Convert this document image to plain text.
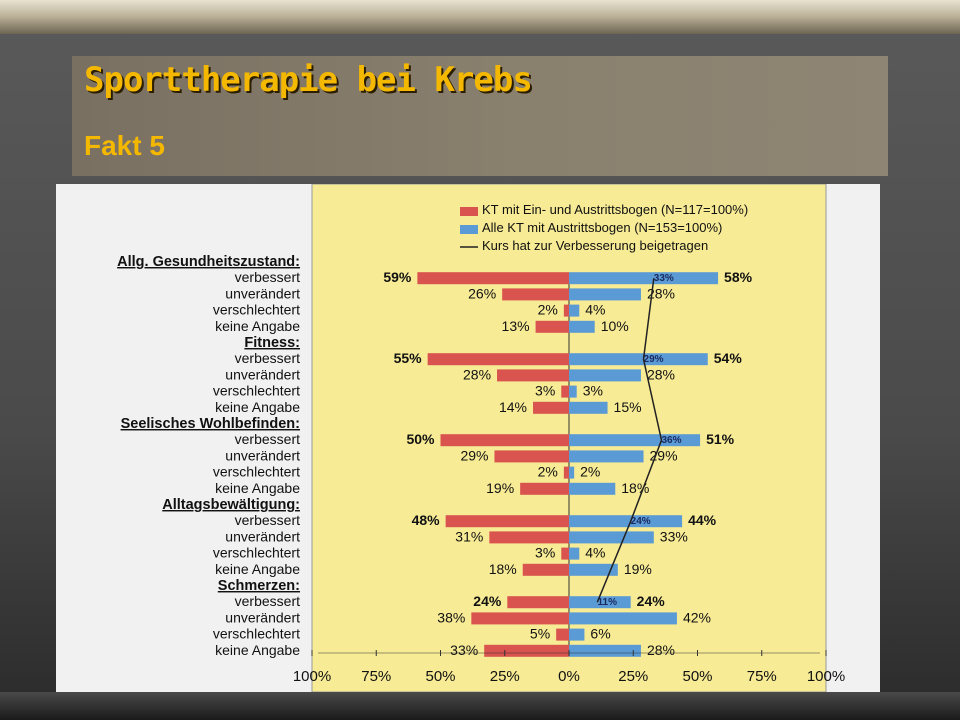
Sporttherapie bei Krebs
Fakt 5
KT mit Ein- und Austrittsbogen (N=117=100%)
Alle KT mit Austrittsbogen (N=153=100%)
Kurs hat zur Verbesserung beigetragen
Allg. Gesundheitszustand:
verbessert	59%	58%
33%
unverändert	26%	28%
verschlechtert	2% 4%
keine Angabe	13%	10%
Fitness:
verbessert	55%	54%
29%
unverändert	28%	28%
verschlechtert	3% 3%
keine Angabe	14%	15%
Seelisches Wohlbefinden:
verbessert	50%	51%
36%
unverändert	29%	29%
verschlechtert	2% 2%
keine Angabe	19%	18%
Alltagsbewältigung:
verbessert	48%	44%
24%
unverändert	31%	33%
verschlechtert	3% 4%
keine Angabe	18%	19%
Schmerzen:
verbessert	24%	24%
11%
unverändert	38%	42%
verschlechtert	5%	6%
keine Angabe	33%	28%
100% 75% 50% 25%	0%	25% 50% 75% 100%
